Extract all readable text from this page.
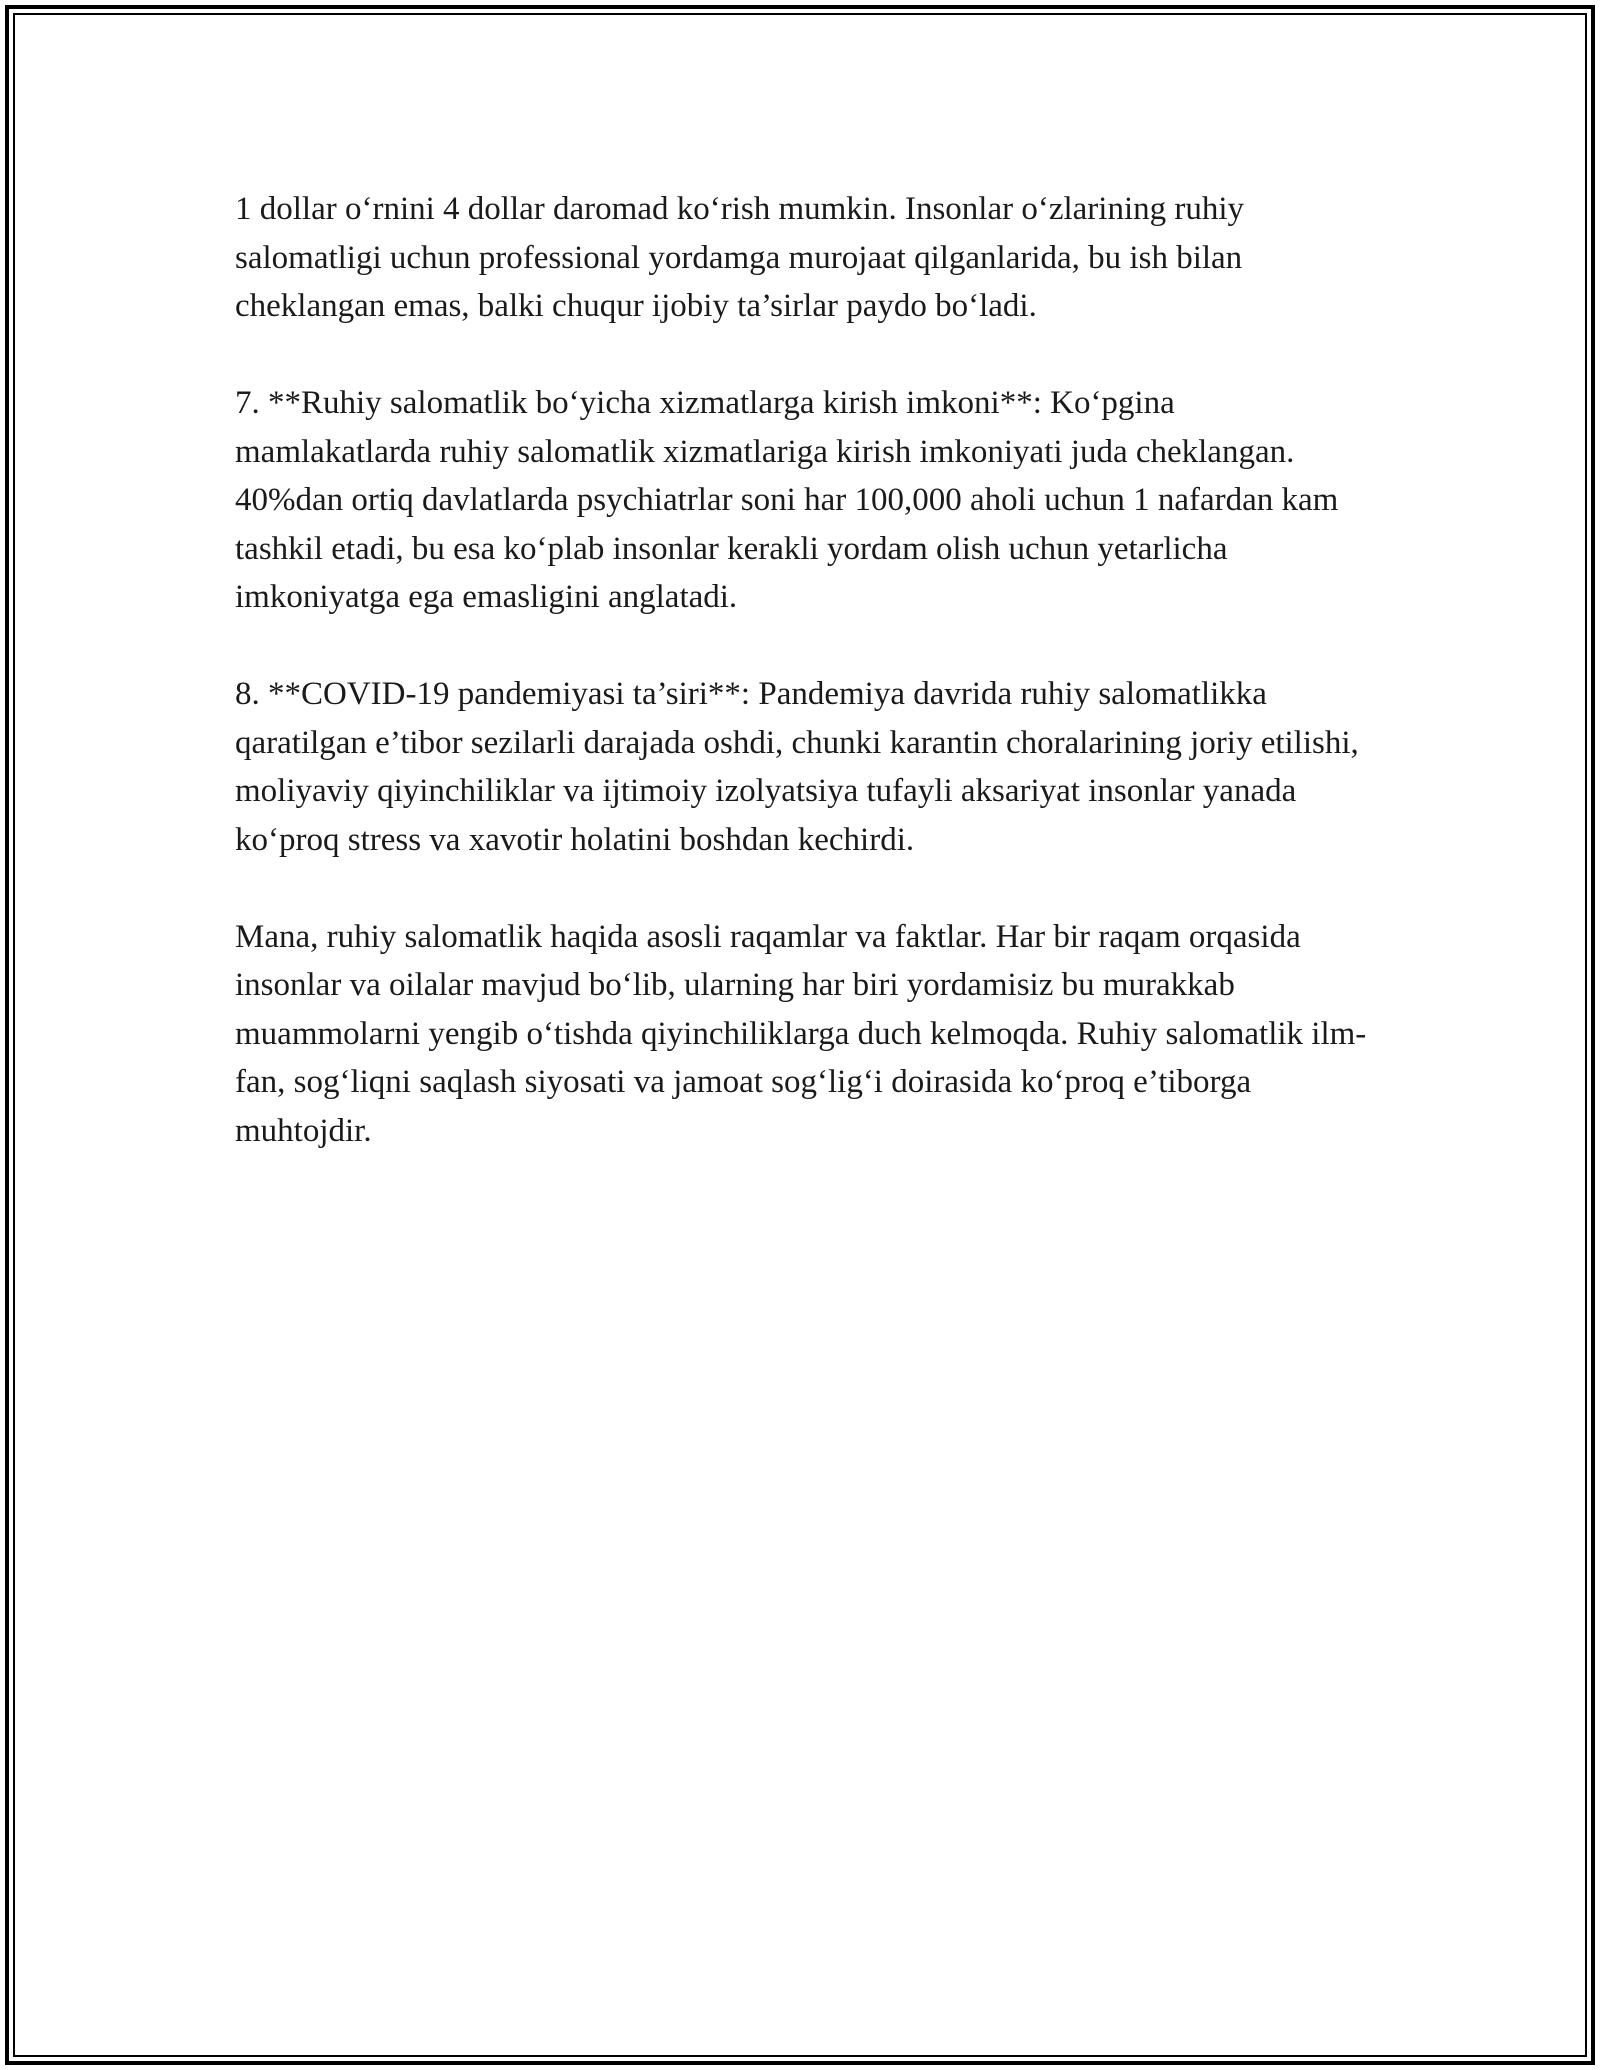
1 dollar o‘rnini 4 dollar daromad ko‘rish mumkin. Insonlar o‘zlarining ruhiy salomatligi uchun professional yordamga murojaat qilganlarida, bu ish bilan cheklangan emas, balki chuqur ijobiy ta’sirlar paydo bo‘ladi.

7. **Ruhiy salomatlik bo‘yicha xizmatlarga kirish imkoni**: Ko‘pgina mamlakatlarda ruhiy salomatlik xizmatlariga kirish imkoniyati juda cheklangan. 40%dan ortiq davlatlarda psychiatrlar soni har 100,000 aholi uchun 1 nafardan kam tashkil etadi, bu esa ko‘plab insonlar kerakli yordam olish uchun yetarlicha imkoniyatga ega emasligini anglatadi.

8. **COVID-19 pandemiyasi ta’siri**: Pandemiya davrida ruhiy salomatlikka qaratilgan e’tibor sezilarli darajada oshdi, chunki karantin choralarining joriy etilishi, moliyaviy qiyinchiliklar va ijtimoiy izolyatsiya tufayli aksariyat insonlar yanada ko‘proq stress va xavotir holatini boshdan kechirdi.

Mana, ruhiy salomatlik haqida asosli raqamlar va faktlar. Har bir raqam orqasida insonlar va oilalar mavjud bo‘lib, ularning har biri yordamisiz bu murakkab muammolarni yengib o‘tishda qiyinchiliklarga duch kelmoqda. Ruhiy salomatlik ilm-fan, sog‘liqni saqlash siyosati va jamoat sog‘lig‘i doirasida ko‘proq e’tiborga muhtojdir.
